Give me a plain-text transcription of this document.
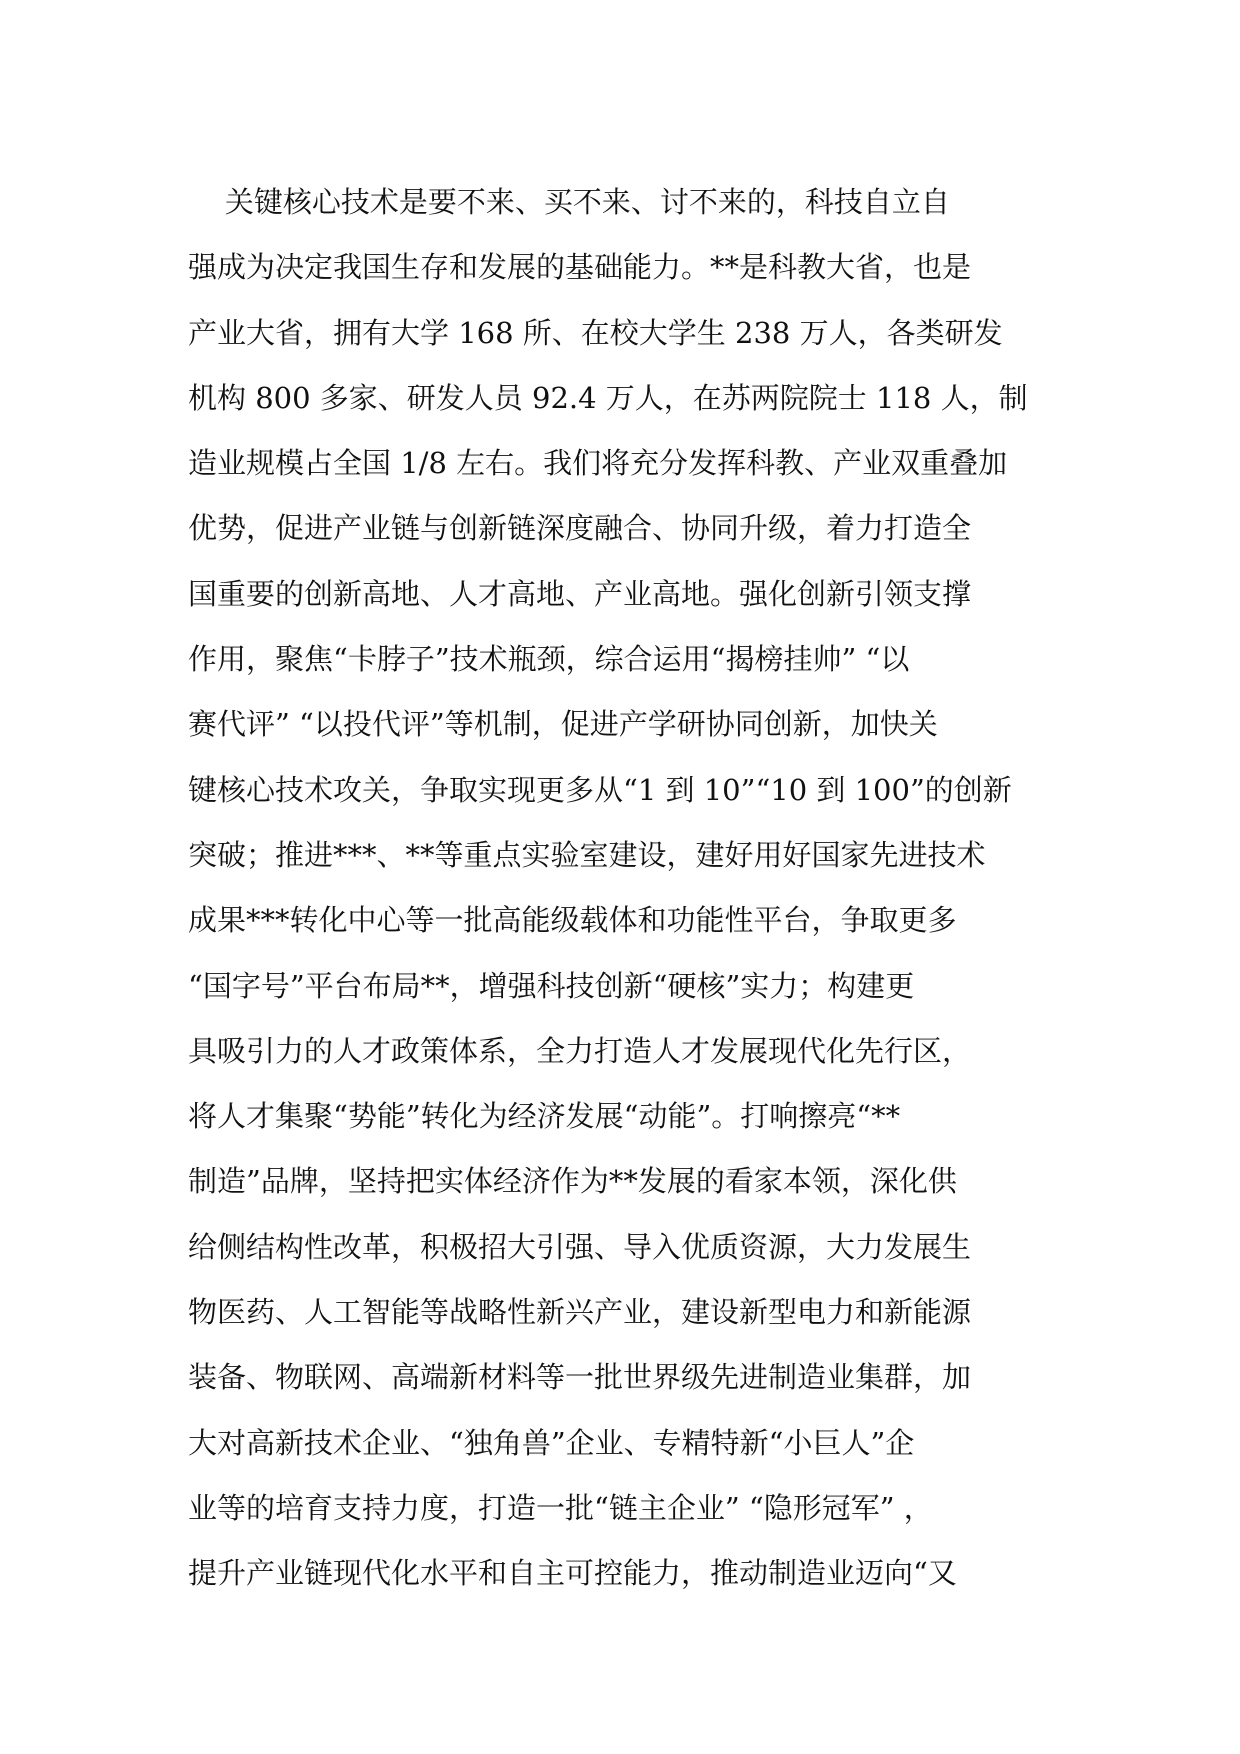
关键核心技术是要不来、买不来、讨不来的，科技自立自
强成为决定我国生存和发展的基础能力。**是科教大省，也是
产业大省，拥有大学 168 所、在校大学生 238 万人，各类研发
机构 800 多家、研发人员 92.4 万人，在苏两院院士 118 人，制
造业规模占全国 1/8 左右。我们将充分发挥科教、产业双重叠加
优势，促进产业链与创新链深度融合、协同升级，着力打造全
国重要的创新高地、人才高地、产业高地。强化创新引领支撑
作用，聚焦“卡脖子”技术瓶颈，综合运用“揭榜挂帅” “以
赛代评” “以投代评”等机制，促进产学研协同创新，加快关
键核心技术攻关，争取实现更多从“1 到 10”“10 到 100”的创新
突破；推进***、**等重点实验室建设，建好用好国家先进技术
成果***转化中心等一批高能级载体和功能性平台，争取更多
“国字号”平台布局**，增强科技创新“硬核”实力；构建更
具吸引力的人才政策体系，全力打造人才发展现代化先行区，
将人才集聚“势能”转化为经济发展“动能”。打响擦亮“**
制造”品牌，坚持把实体经济作为**发展的看家本领，深化供
给侧结构性改革，积极招大引强、导入优质资源，大力发展生
物医药、人工智能等战略性新兴产业，建设新型电力和新能源
装备、物联网、高端新材料等一批世界级先进制造业集群，加
大对高新技术企业、“独角兽”企业、专精特新“小巨人”企
业等的培育支持力度，打造一批“链主企业” “隐形冠军” ，
提升产业链现代化水平和自主可控能力，推动制造业迈向“又
